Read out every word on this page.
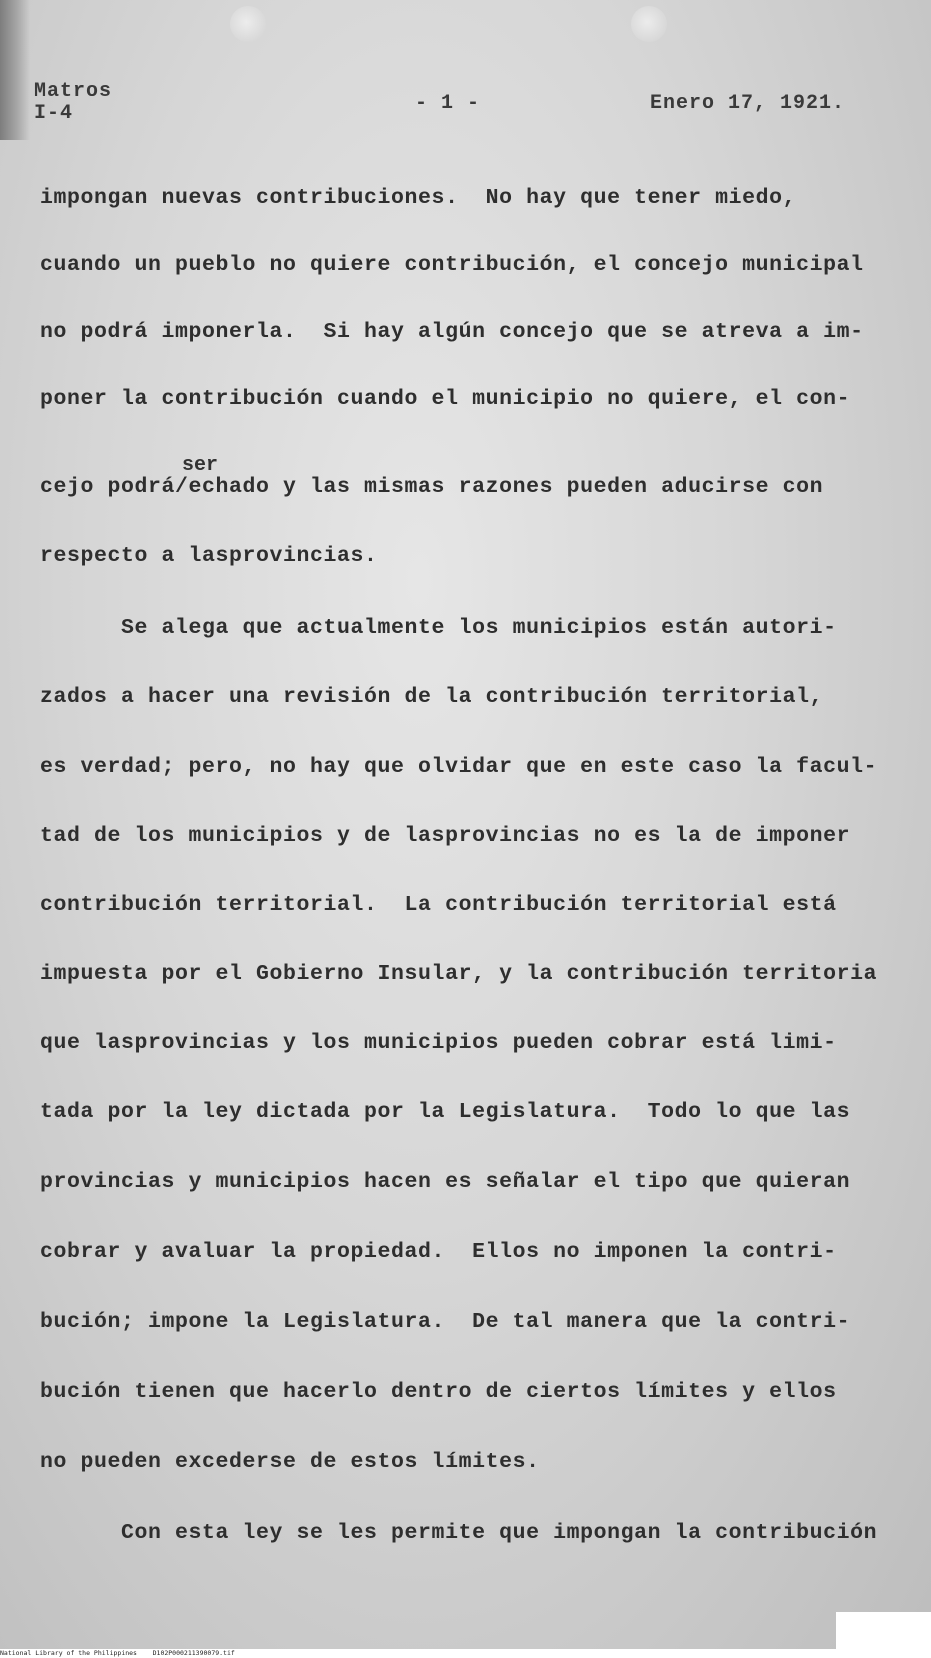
Matros
I-4	- 1 -	Enero 17, 1921.
ser

impongan nuevas contribuciones.  No hay que tener miedo,

cuando un pueblo no quiere contribución, el concejo municipal

no podrá imponerla.  Si hay algún concejo que se atreva a im-

poner la contribución cuando el municipio no quiere, el con-

cejo podrá/echado y las mismas razones pueden aducirse con

respecto a lasprovincias.

Se alega que actualmente los municipios están autori-

zados a hacer una revisión de la contribución territorial,

es verdad; pero, no hay que olvidar que en este caso la facul-

tad de los municipios y de lasprovincias no es la de imponer

contribución territorial.  La contribución territorial está

impuesta por el Gobierno Insular, y la contribución territoria

que lasprovincias y los municipios pueden cobrar está limi-

tada por la ley dictada por la Legislatura.  Todo lo que las

provincias y municipios hacen es señalar el tipo que quieran

cobrar y avaluar la propiedad.  Ellos no imponen la contri-

bución; impone la Legislatura.  De tal manera que la contri-

bución tienen que hacerlo dentro de ciertos límites y ellos

no pueden excederse de estos límites.

Con esta ley se les permite que impongan la contribución

National Library of the Philippines    D102P000211390079.tif
